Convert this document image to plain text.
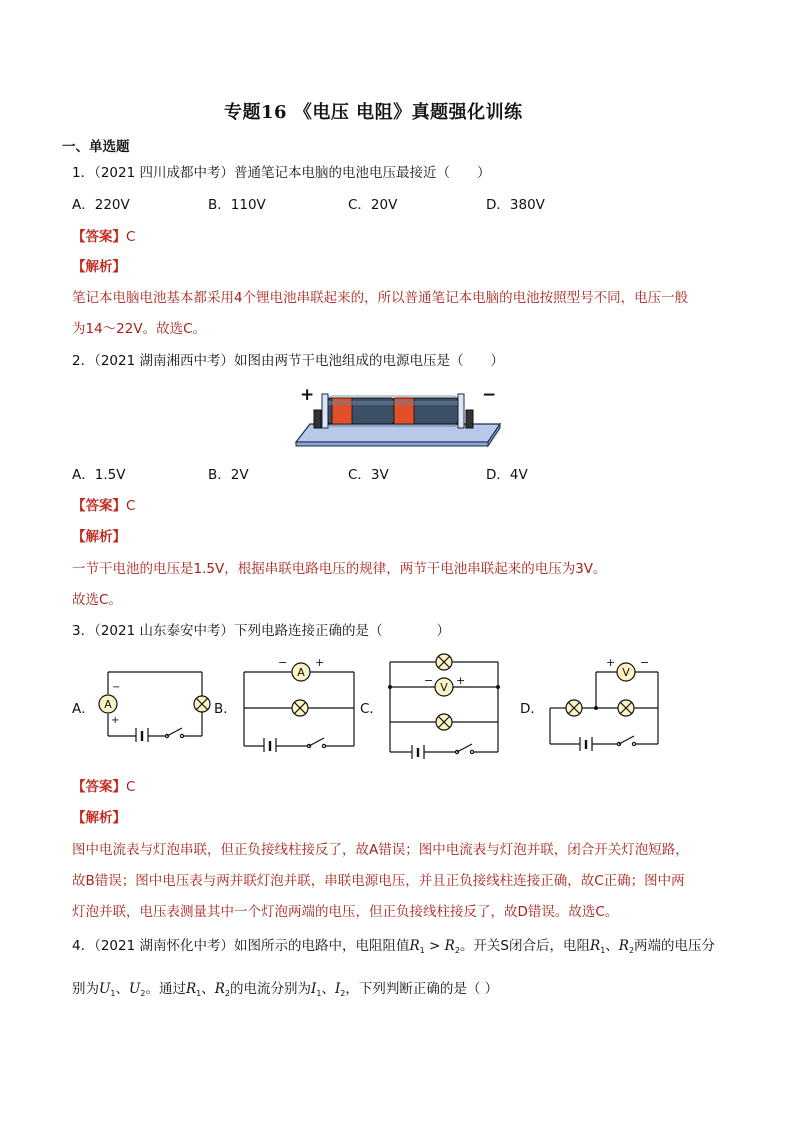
专题16 《电压 电阻》真题强化训练
一、单选题
1．（2021 四川成都中考）普通笔记本电脑的电池电压最接近（　　）
A．220V	B．110V	C．20V	D．380V
【答案】C
【解析】
笔记本电脑电池基本都采用4个锂电池串联起来的，所以普通笔记本电脑的电池按照型号不同，电压一般
为14～22V。故选C。
2．（2021 湖南湘西中考）如图由两节干电池组成的电源电压是（　　）
+	−
A．1.5V	B．2V	C．3V	D．4V
【答案】C
【解析】
一节干电池的电压是1.5V，根据串联电路电压的规律，两节干电池串联起来的电压为3V。
故选C。
3．（2021 山东泰安中考）下列电路连接正确的是（　　　　）
A． A
−
+
B．
A
−	+
C．
V
− +
D．
V
+ −
【答案】C
【解析】
图中电流表与灯泡串联，但正负接线柱接反了，故A错误；图中电流表与灯泡并联，闭合开关灯泡短路，
故B错误；图中电压表与两并联灯泡并联，串联电源电压，并且正负接线柱连接正确，故C正确；图中两
灯泡并联，电压表测量其中一个灯泡两端的电压，但正负接线柱接反了，故D错误。故选C。
4．（2021 湖南怀化中考）如图所示的电路中，电阻阻值$R_1 > R_2$。开关S闭合后，电阻$R_1$、$R_2$两端的电压分
别为$U_1$、$U_2$。通过$R_1$、$R_2$的电流分别为$I_1$、$I_2$，下列判断正确的是（ ）
